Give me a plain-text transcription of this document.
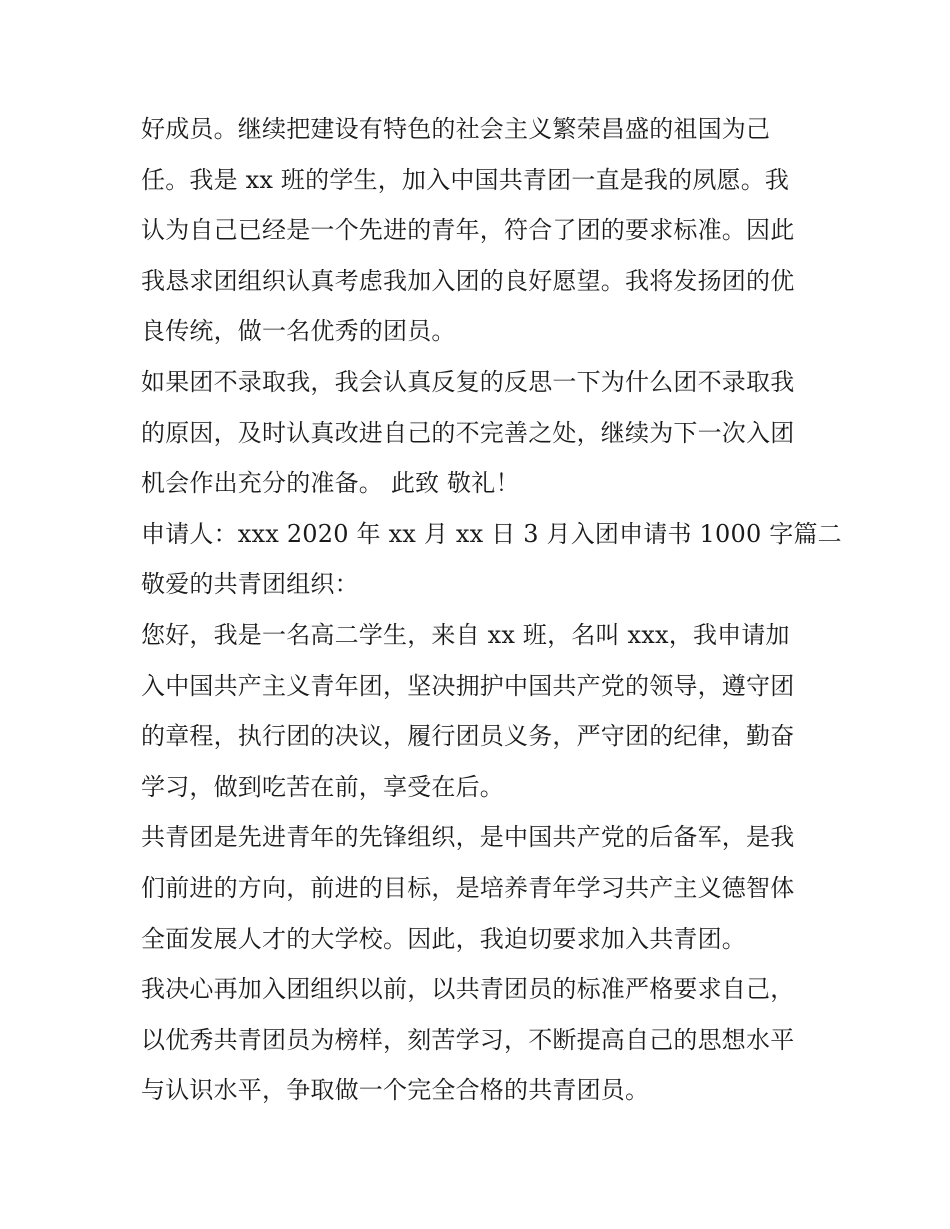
好成员。继续把建设有特色的社会主义繁荣昌盛的祖国为己
任。我是 xx 班的学生，加入中国共青团一直是我的夙愿。我
认为自己已经是一个先进的青年，符合了团的要求标准。因此
我恳求团组织认真考虑我加入团的良好愿望。我将发扬团的优
良传统，做一名优秀的团员。
如果团不录取我，我会认真反复的反思一下为什么团不录取我
的原因，及时认真改进自己的不完善之处，继续为下一次入团
机会作出充分的准备。 此致 敬礼！
申请人：xxx 2020 年 xx 月 xx 日 3 月入团申请书 1000 字篇二
敬爱的共青团组织：
您好，我是一名高二学生，来自 xx 班，名叫 xxx，我申请加
入中国共产主义青年团，坚决拥护中国共产党的领导，遵守团
的章程，执行团的决议，履行团员义务，严守团的纪律，勤奋
学习，做到吃苦在前，享受在后。
共青团是先进青年的先锋组织，是中国共产党的后备军，是我
们前进的方向，前进的目标，是培养青年学习共产主义德智体
全面发展人才的大学校。因此，我迫切要求加入共青团。
我决心再加入团组织以前，以共青团员的标准严格要求自己，
以优秀共青团员为榜样，刻苦学习，不断提高自己的思想水平
与认识水平，争取做一个完全合格的共青团员。
